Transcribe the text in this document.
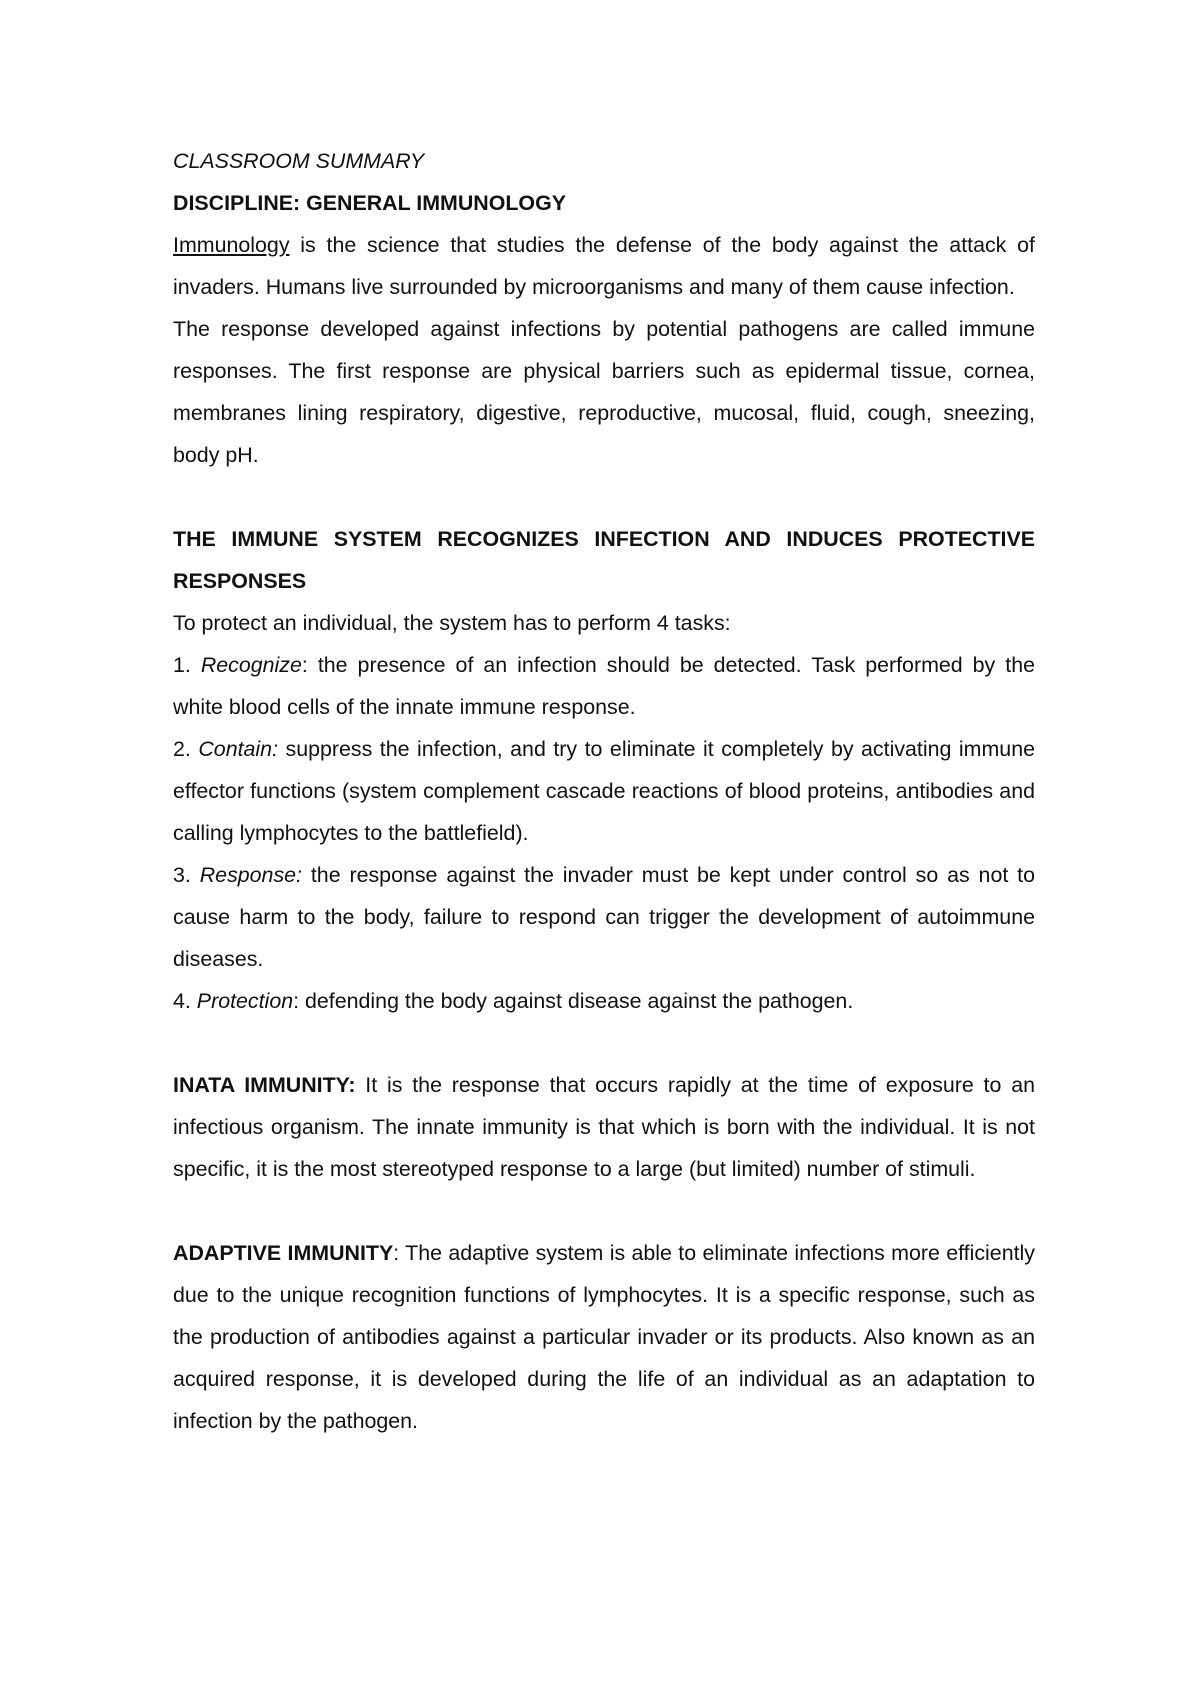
CLASSROOM SUMMARY

DISCIPLINE: GENERAL IMMUNOLOGY

Immunology is the science that studies the defense of the body against the attack of invaders. Humans live surrounded by microorganisms and many of them cause infection.

The response developed against infections by potential pathogens are called immune responses. The first response are physical barriers such as epidermal tissue, cornea, membranes lining respiratory, digestive, reproductive, mucosal, fluid, cough, sneezing, body pH.

THE IMMUNE SYSTEM RECOGNIZES INFECTION AND INDUCES PROTECTIVE RESPONSES

To protect an individual, the system has to perform 4 tasks:

1. Recognize: the presence of an infection should be detected. Task performed by the white blood cells of the innate immune response.

2. Contain: suppress the infection, and try to eliminate it completely by activating immune effector functions (system complement cascade reactions of blood proteins, antibodies and calling lymphocytes to the battlefield).

3. Response: the response against the invader must be kept under control so as not to cause harm to the body, failure to respond can trigger the development of autoimmune diseases.

4. Protection: defending the body against disease against the pathogen.

INATA IMMUNITY: It is the response that occurs rapidly at the time of exposure to an infectious organism. The innate immunity is that which is born with the individual. It is not specific, it is the most stereotyped response to a large (but limited) number of stimuli.

ADAPTIVE IMMUNITY: The adaptive system is able to eliminate infections more efficiently due to the unique recognition functions of lymphocytes. It is a specific response, such as the production of antibodies against a particular invader or its products. Also known as an acquired response, it is developed during the life of an individual as an adaptation to infection by the pathogen.
